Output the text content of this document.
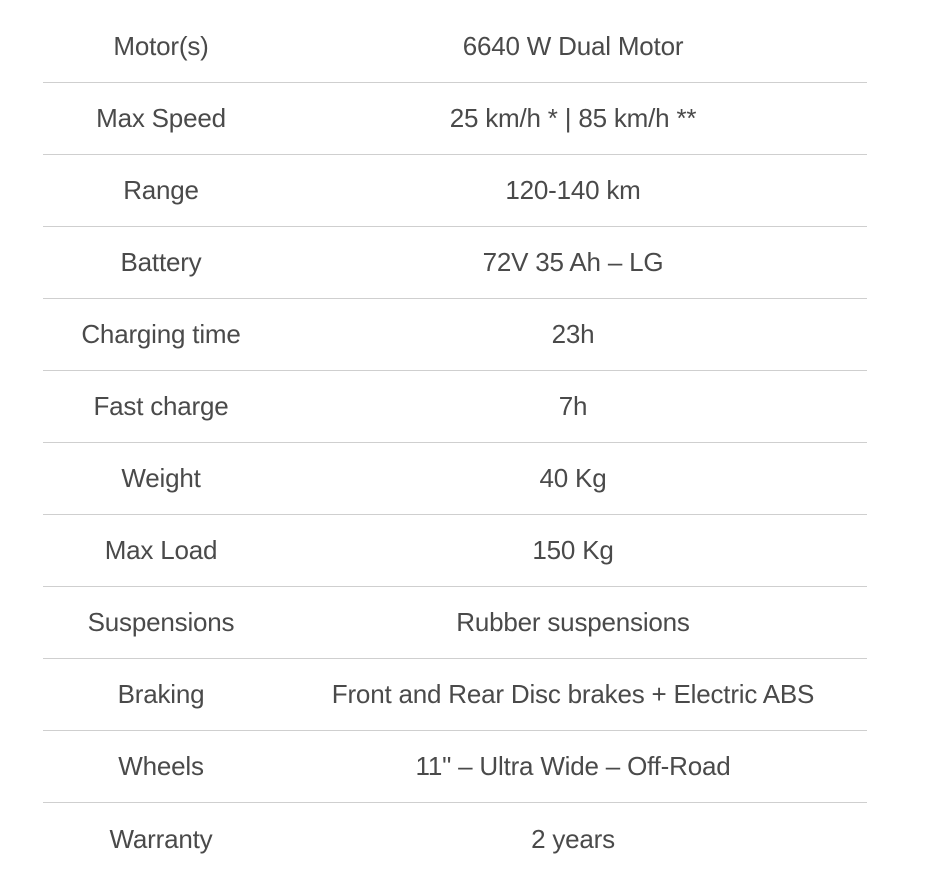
Motor(s)	6640 W Dual Motor
Max Speed	25 km/h * | 85 km/h **
Range	120-140 km
Battery	72V 35 Ah – LG
Charging time	23h
Fast charge	7h
Weight	40 Kg
Max Load	150 Kg
Suspensions	Rubber suspensions
Braking	Front and Rear Disc brakes + Electric ABS
Wheels	11" – Ultra Wide – Off-Road
Warranty	2 years
